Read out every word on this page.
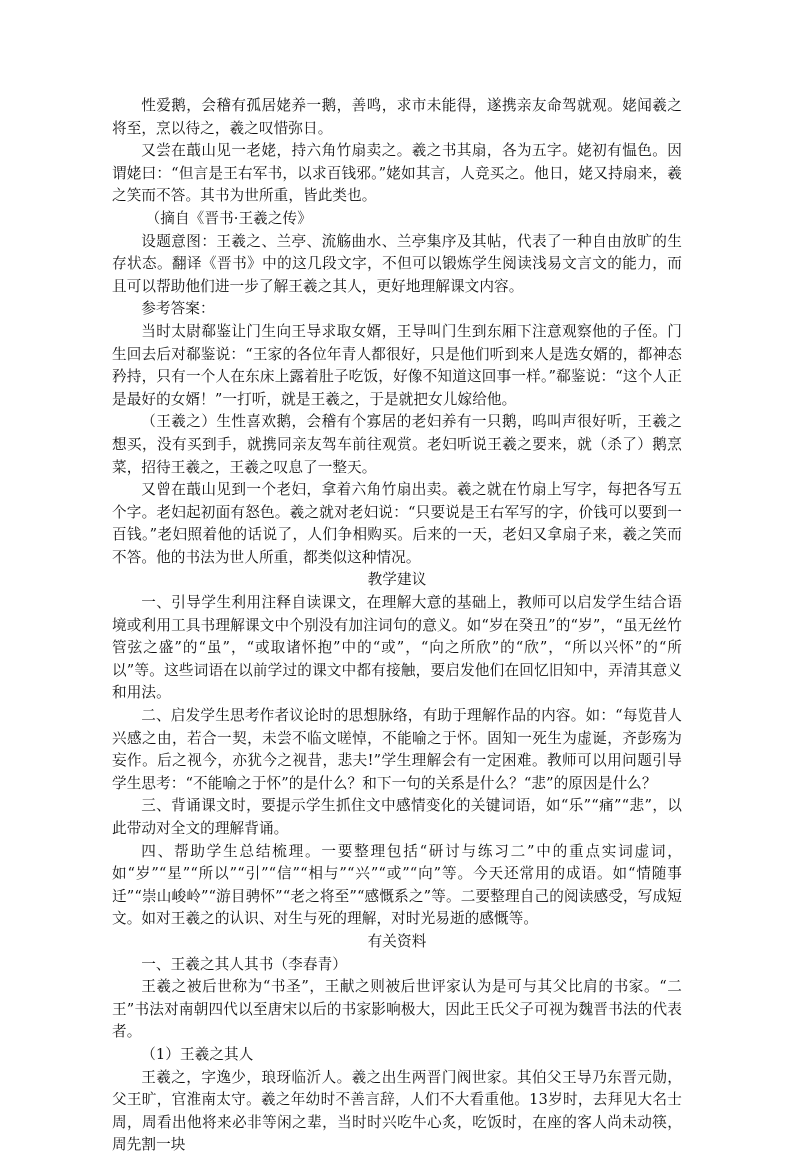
性爱鹅，会稽有孤居姥养一鹅，善鸣，求市未能得，遂携亲友命驾就观。姥闻羲之将至，烹以待之，羲之叹惜弥日。

又尝在蕺山见一老姥，持六角竹扇卖之。羲之书其扇，各为五字。姥初有愠色。因谓姥曰：“但言是王右军书，以求百钱邪。”姥如其言，人竞买之。他日，姥又持扇来，羲之笑而不答。其书为世所重，皆此类也。

（摘自《晋书·王羲之传》

设题意图：王羲之、兰亭、流觞曲水、兰亭集序及其帖，代表了一种自由放旷的生存状态。翻译《晋书》中的这几段文字，不但可以锻炼学生阅读浅易文言文的能力，而且可以帮助他们进一步了解王羲之其人，更好地理解课文内容。

参考答案：

当时太尉郗鉴让门生向王导求取女婿，王导叫门生到东厢下注意观察他的子侄。门生回去后对郗鉴说：“王家的各位年青人都很好，只是他们听到来人是选女婿的，都神态矜持，只有一个人在东床上露着肚子吃饭，好像不知道这回事一样。”郗鉴说：“这个人正是最好的女婿！”一打听，就是王羲之，于是就把女儿嫁给他。

（王羲之）生性喜欢鹅，会稽有个寡居的老妇养有一只鹅，呜叫声很好听，王羲之想买，没有买到手，就携同亲友驾车前往观赏。老妇听说王羲之要来，就（杀了）鹅烹菜，招待王羲之，王羲之叹息了一整天。

又曾在蕺山见到一个老妇，拿着六角竹扇出卖。羲之就在竹扇上写字，每把各写五个字。老妇起初面有怒色。羲之就对老妇说：“只要说是王右军写的字，价钱可以要到一百钱。”老妇照着他的话说了，人们争相购买。后来的一天，老妇又拿扇子来，羲之笑而不答。他的书法为世人所重，都类似这种情况。

教学建议

一、引导学生利用注释自读课文，在理解大意的基础上，教师可以启发学生结合语境或利用工具书理解课文中个别没有加注词句的意义。如“岁在癸丑”的“岁”，“虽无丝竹管弦之盛”的“虽”，“或取诸怀抱”中的“或”，“向之所欣”的“欣”，“所以兴怀”的“所以”等。这些词语在以前学过的课文中都有接触，要启发他们在回忆旧知中，弄清其意义和用法。

二、启发学生思考作者议论时的思想脉络，有助于理解作品的内容。如：“每览昔人兴感之由，若合一契，未尝不临文嗟悼，不能喻之于怀。固知一死生为虚诞，齐彭殇为妄作。后之视今，亦犹今之视昔，悲夫!”学生理解会有一定困难。教师可以用问题引导学生思考：“不能喻之于怀”的是什么？和下一句的关系是什么？“悲”的原因是什么？

三、背诵课文时，要提示学生抓住文中感情变化的关键词语，如“乐”“痛”“悲”，以此带动对全文的理解背诵。

四、帮助学生总结梳理。一要整理包括“研讨与练习二”中的重点实词虚词，如“岁”“星”“所以”“引”“信”“相与”“兴”“或”“向”等。今天还常用的成语。如“情随事迁”“崇山峻岭”“游目骋怀”“老之将至”“感慨系之”等。二要整理自己的阅读感受，写成短文。如对王羲之的认识、对生与死的理解，对时光易逝的感慨等。

有关资料

一、王羲之其人其书（李春青）

王羲之被后世称为“书圣”，王献之则被后世评家认为是可与其父比肩的书家。“二王”书法对南朝四代以至唐宋以后的书家影响极大，因此王氏父子可视为魏晋书法的代表者。

（1）王羲之其人

王羲之，字逸少，琅玡临沂人。羲之出生两晋门阀世家。其伯父王导乃东晋元勋，父王旷，官淮南太守。羲之年幼时不善言辞，人们不大看重他。13岁时，去拜见大名士周，周看出他将来必非等闲之辈，当时时兴吃牛心炙，吃饭时，在座的客人尚未动筷，周先割一块
